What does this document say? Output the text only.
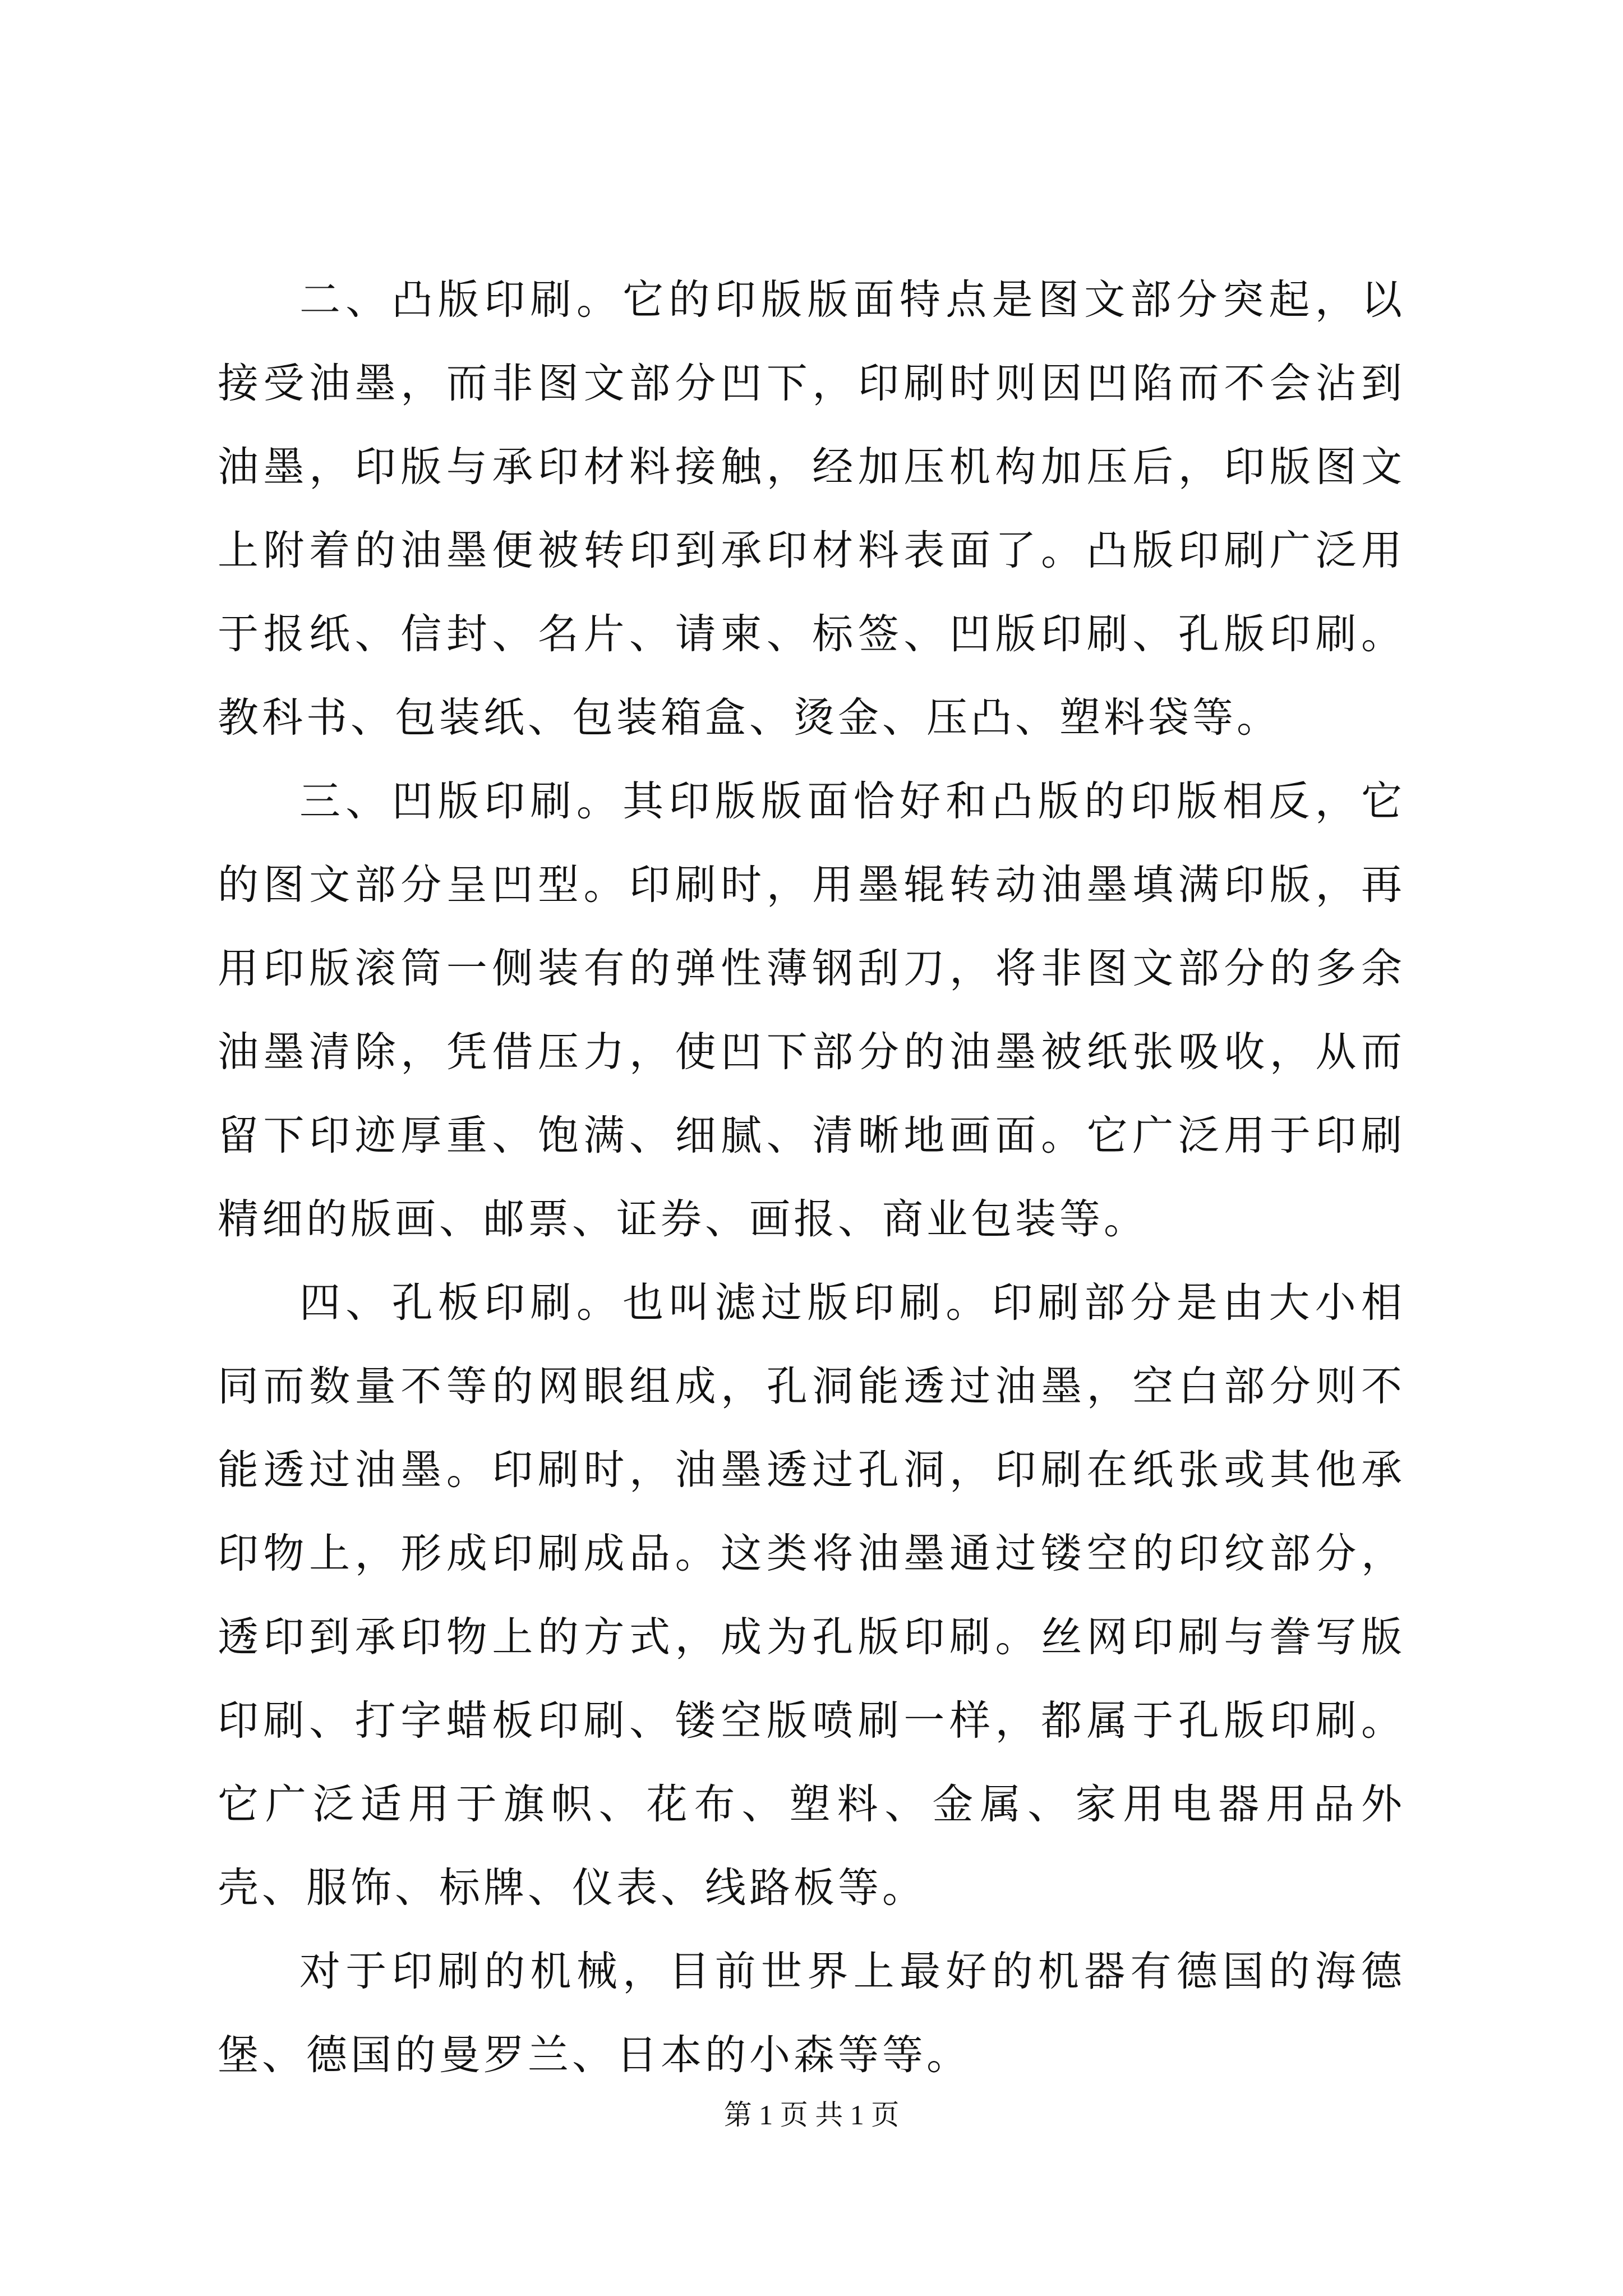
二、凸版印刷。它的印版版面特点是图文部分突起，以接受油墨，而非图文部分凹下，印刷时则因凹陷而不会沾到油墨，印版与承印材料接触，经加压机构加压后，印版图文上附着的油墨便被转印到承印材料表面了。凸版印刷广泛用于报纸、信封、名片、请柬、标签、凹版印刷、孔版印刷。教科书、包装纸、包装箱盒、烫金、压凸、塑料袋等。

三、凹版印刷。其印版版面恰好和凸版的印版相反，它的图文部分呈凹型。印刷时，用墨辊转动油墨填满印版，再用印版滚筒一侧装有的弹性薄钢刮刀，将非图文部分的多余油墨清除，凭借压力，使凹下部分的油墨被纸张吸收，从而留下印迹厚重、饱满、细腻、清晰地画面。它广泛用于印刷精细的版画、邮票、证券、画报、商业包装等。

四、孔板印刷。也叫滤过版印刷。印刷部分是由大小相同而数量不等的网眼组成，孔洞能透过油墨，空白部分则不能透过油墨。印刷时，油墨透过孔洞，印刷在纸张或其他承印物上，形成印刷成品。这类将油墨通过镂空的印纹部分，透印到承印物上的方式，成为孔版印刷。丝网印刷与誊写版印刷、打字蜡板印刷、镂空版喷刷一样，都属于孔版印刷。它广泛适用于旗帜、花布、塑料、金属、家用电器用品外壳、服饰、标牌、仪表、线路板等。

对于印刷的机械，目前世界上最好的机器有德国的海德堡、德国的曼罗兰、日本的小森等等。

第 1 页 共 1 页
